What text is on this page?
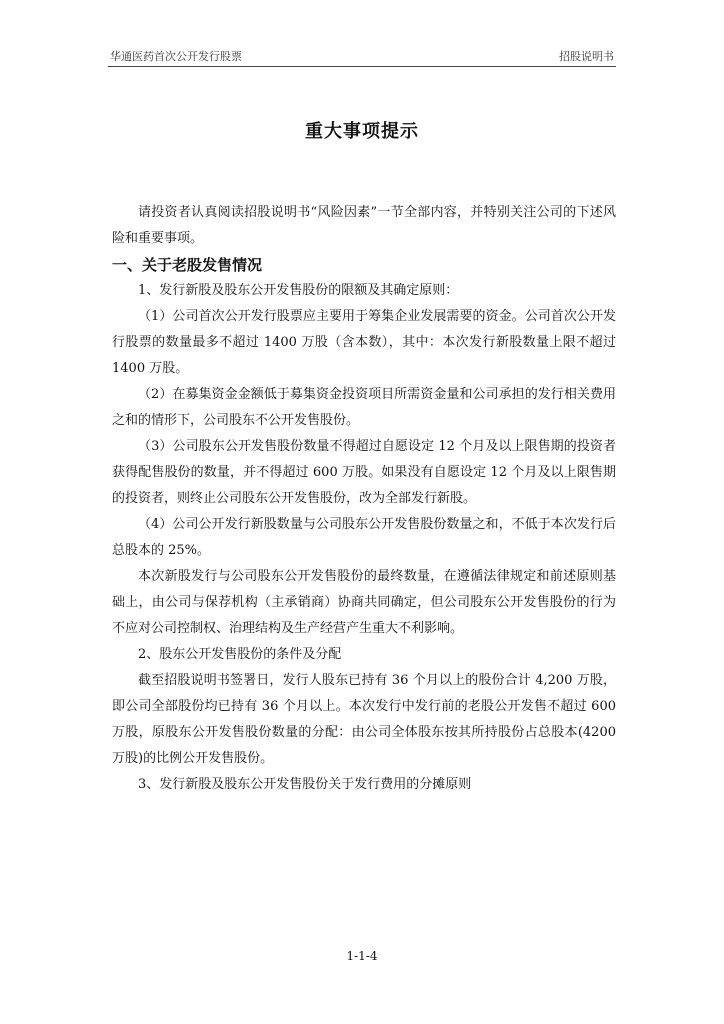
华通医药首次公开发行股票	招股说明书
重大事项提示

请投资者认真阅读招股说明书“风险因素”一节全部内容，并特别关注公司的下述风险和重要事项。

一、关于老股发售情况

1、发行新股及股东公开发售股份的限额及其确定原则：

（1）公司首次公开发行股票应主要用于筹集企业发展需要的资金。公司首次公开发行股票的数量最多不超过 1400 万股（含本数），其中：本次发行新股数量上限不超过 1400 万股。

（2）在募集资金金额低于募集资金投资项目所需资金量和公司承担的发行相关费用之和的情形下，公司股东不公开发售股份。

（3）公司股东公开发售股份数量不得超过自愿设定 12 个月及以上限售期的投资者获得配售股份的数量，并不得超过 600 万股。如果没有自愿设定 12 个月及以上限售期的投资者，则终止公司股东公开发售股份，改为全部发行新股。

（4）公司公开发行新股数量与公司股东公开发售股份数量之和，不低于本次发行后总股本的 25%。

本次新股发行与公司股东公开发售股份的最终数量，在遵循法律规定和前述原则基础上，由公司与保荐机构（主承销商）协商共同确定，但公司股东公开发售股份的行为不应对公司控制权、治理结构及生产经营产生重大不利影响。

2、股东公开发售股份的条件及分配

截至招股说明书签署日，发行人股东已持有 36 个月以上的股份合计 4,200 万股，即公司全部股份均已持有 36 个月以上。本次发行中发行前的老股公开发售不超过 600 万股，原股东公开发售股份数量的分配：由公司全体股东按其所持股份占总股本(4200 万股)的比例公开发售股份。

3、发行新股及股东公开发售股份关于发行费用的分摊原则

1-1-4
